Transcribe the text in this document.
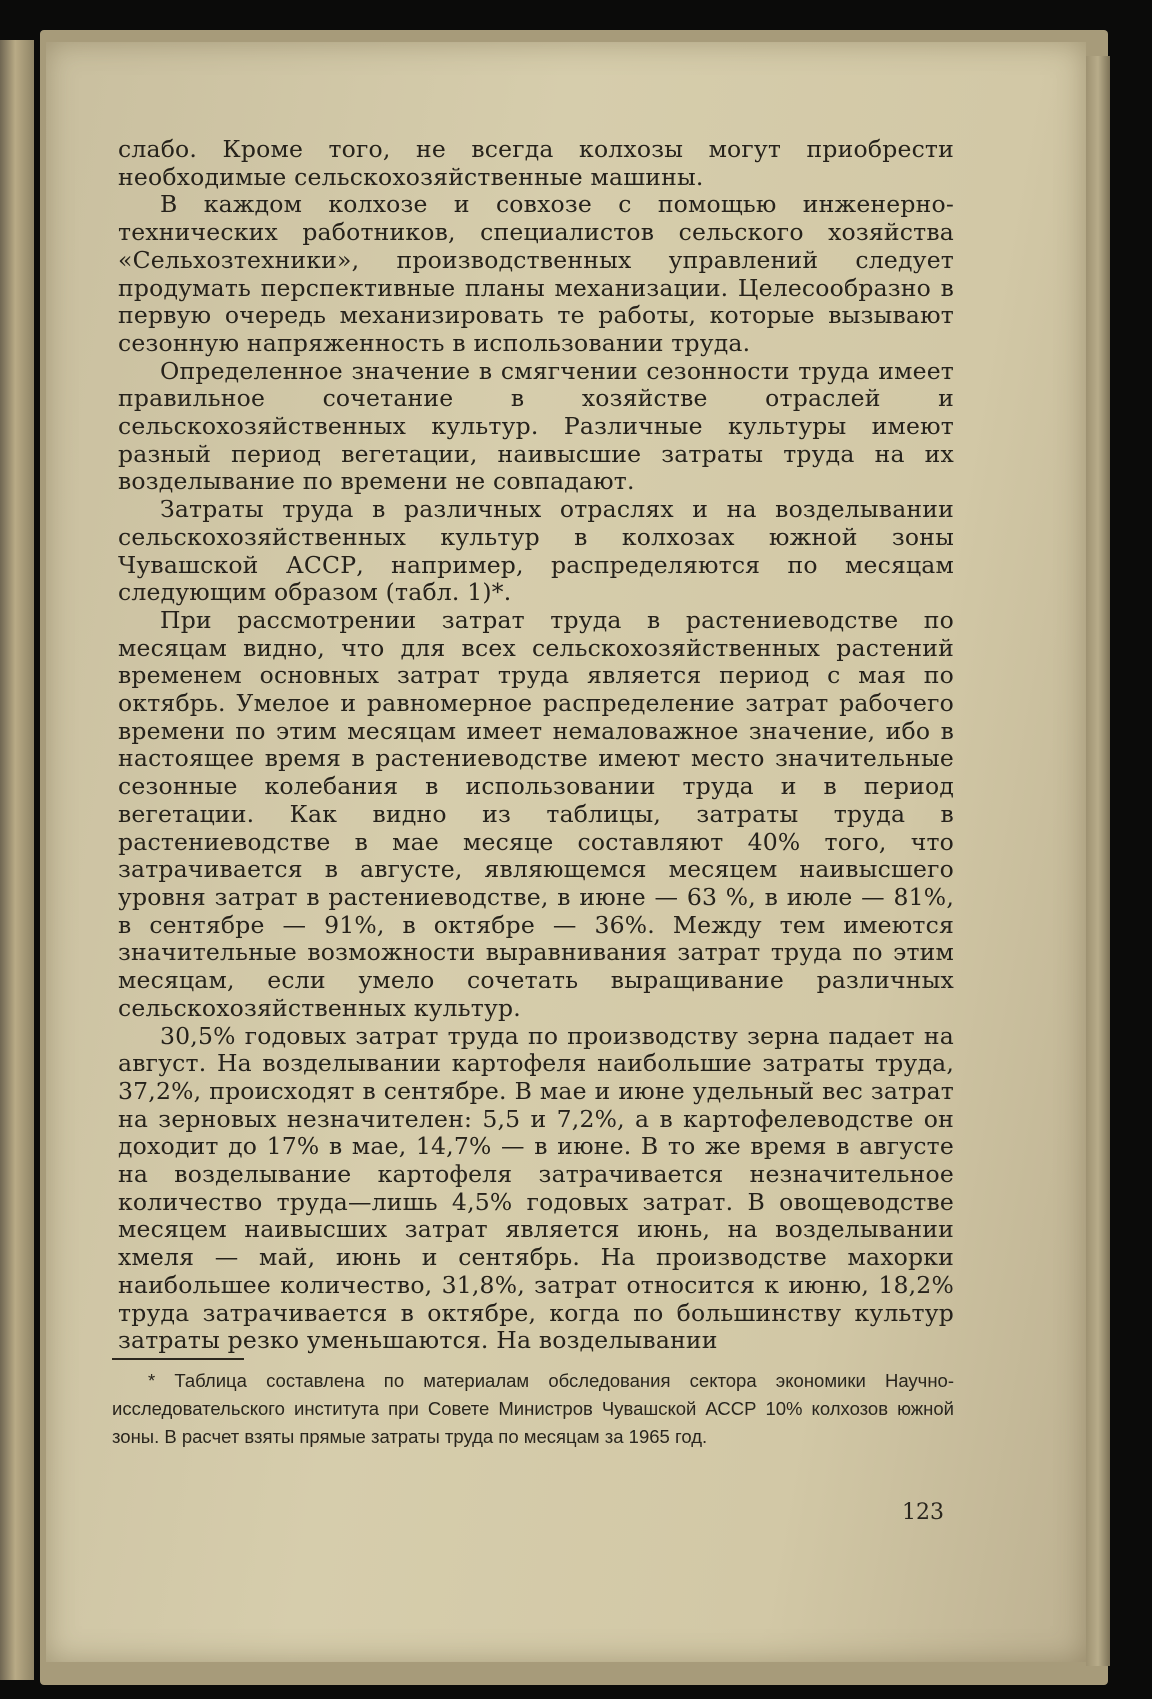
слабо. Кроме того, не всегда колхозы могут приобрести необходимые сельскохозяйственные машины.

В каждом колхозе и совхозе с помощью инженерно-технических работников, специалистов сельского хозяйства «Сельхозтехники», производственных управлений следует продумать перспективные планы механизации. Целесообразно в первую очередь механизировать те работы, которые вызывают сезонную напряженность в использовании труда.

Определенное значение в смягчении сезонности труда имеет правильное сочетание в хозяйстве отраслей и сельскохозяйственных культур. Различные культуры имеют разный период вегетации, наивысшие затраты труда на их возделывание по времени не совпадают.

Затраты труда в различных отраслях и на возделывании сельскохозяйственных культур в колхозах южной зоны Чувашской АССР, например, распределяются по месяцам следующим образом (табл. 1)*.

При рассмотрении затрат труда в растениеводстве по месяцам видно, что для всех сельскохозяйственных растений временем основных затрат труда является период с мая по октябрь. Умелое и равномерное распределение затрат рабочего времени по этим месяцам имеет немаловажное значение, ибо в настоящее время в растениеводстве имеют место значительные сезонные колебания в использовании труда и в период вегетации. Как видно из таблицы, затраты труда в растениеводстве в мае месяце составляют 40% того, что затрачивается в августе, являющемся месяцем наивысшего уровня затрат в растениеводстве, в июне — 63 %, в июле — 81%, в сентябре — 91%, в октябре — 36%. Между тем имеются значительные возможности выравнивания затрат труда по этим месяцам, если умело сочетать выращивание различных сельскохозяйственных культур.

30,5% годовых затрат труда по производству зерна падает на август. На возделывании картофеля наибольшие затраты труда, 37,2%, происходят в сентябре. В мае и июне удельный вес затрат на зерновых незначителен: 5,5 и 7,2%, а в картофелеводстве он доходит до 17% в мае, 14,7% — в июне. В то же время в августе на возделывание картофеля затрачивается незначительное количество труда—лишь 4,5% годовых затрат. В овощеводстве месяцем наивысших затрат является июнь, на возделывании хмеля — май, июнь и сентябрь. На производстве махорки наибольшее количество, 31,8%, затрат относится к июню, 18,2% труда затрачивается в октябре, когда по большинству культур затраты резко уменьшаются. На возделывании

* Таблица составлена по материалам обследования сектора экономики Научно-исследовательского института при Совете Министров Чувашской АССР 10% колхозов южной зоны. В расчет взяты прямые затраты труда по месяцам за 1965 год.

123
